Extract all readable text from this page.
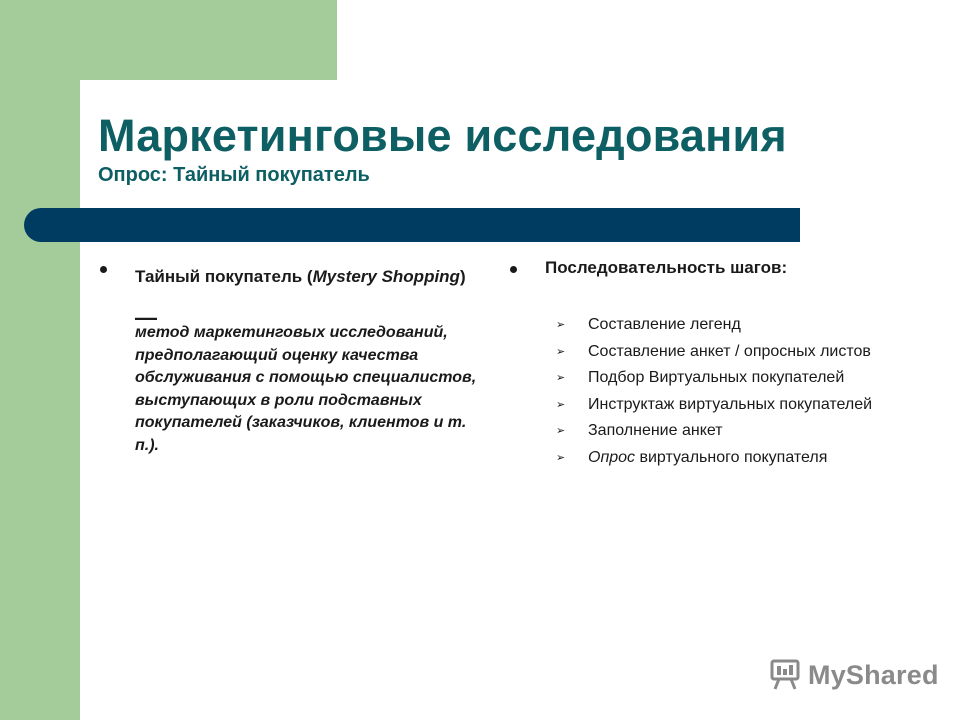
Маркетинговые исследования
Опрос: Тайный покупатель

Тайный покупатель (Mystery Shopping) —

метод маркетинговых исследований, предполагающий оценку качества обслуживания с помощью специалистов, выступающих в роли подставных покупателей (заказчиков, клиентов и т. п.).

Последовательность шагов:

➢ Составление легенд
➢ Составление анкет / опросных листов
➢ Подбор Виртуальных покупателей
➢ Инструктаж виртуальных покупателей
➢ Заполнение анкет
➢ Опрос виртуального покупателя
MyShared
